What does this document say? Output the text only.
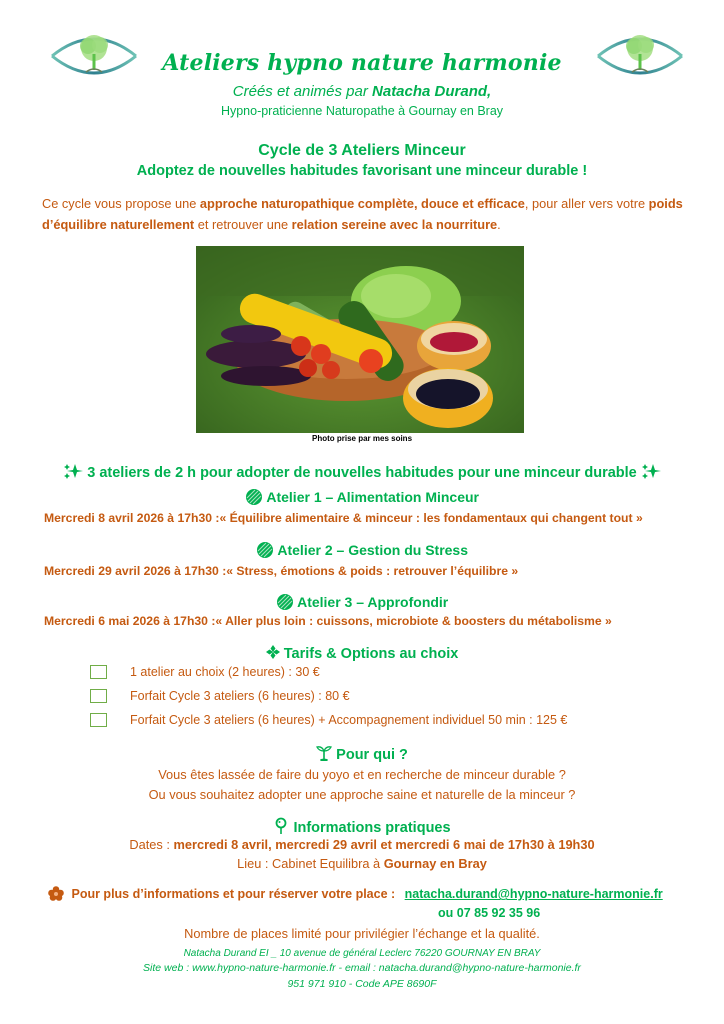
Ateliers hypno nature harmonie
Créés et animés par Natacha Durand,
Hypno-praticienne Naturopathe à Gournay en Bray
Cycle de 3 Ateliers Minceur
Adoptez de nouvelles habitudes favorisant une minceur durable !
Ce cycle vous propose une approche naturopathique complète, douce et efficace, pour aller vers votre poids d’équilibre naturellement et retrouver une relation sereine avec la nourriture.
Photo prise par mes soins
3 ateliers de 2 h pour adopter de nouvelles habitudes pour une minceur durable
Atelier 1 – Alimentation Minceur
Mercredi 8 avril 2026 à 17h30 :« Équilibre alimentaire & minceur : les fondamentaux qui changent tout »
Atelier 2 – Gestion du Stress
Mercredi 29 avril 2026 à 17h30 :« Stress, émotions & poids : retrouver l’équilibre »
Atelier 3 – Approfondir
Mercredi 6 mai 2026 à 17h30 :« Aller plus loin : cuissons, microbiote & boosters du métabolisme »
Tarifs & Options au choix
1 atelier au choix (2 heures) : 30 €
Forfait Cycle 3 ateliers (6 heures) : 80 €
Forfait Cycle 3 ateliers (6 heures) + Accompagnement individuel 50 min : 125 €
Pour qui ?
Vous êtes lassée de faire du yoyo et en recherche de minceur durable ?
Ou vous souhaitez adopter une approche saine et naturelle de la minceur ?
Informations pratiques
Dates : mercredi 8 avril, mercredi 29 avril et mercredi 6 mai de 17h30 à 19h30
Lieu : Cabinet Equilibra à Gournay en Bray
Pour plus d’informations et pour réserver votre place : natacha.durand@hypno-nature-harmonie.fr
ou 07 85 92 35 96
Nombre de places limité pour privilégier l’échange et la qualité.
Natacha Durand EI _ 10 avenue de général Leclerc 76220 GOURNAY EN BRAY
Site web : www.hypno-nature-harmonie.fr - email : natacha.durand@hypno-nature-harmonie.fr
951 971 910 - Code APE 8690F
